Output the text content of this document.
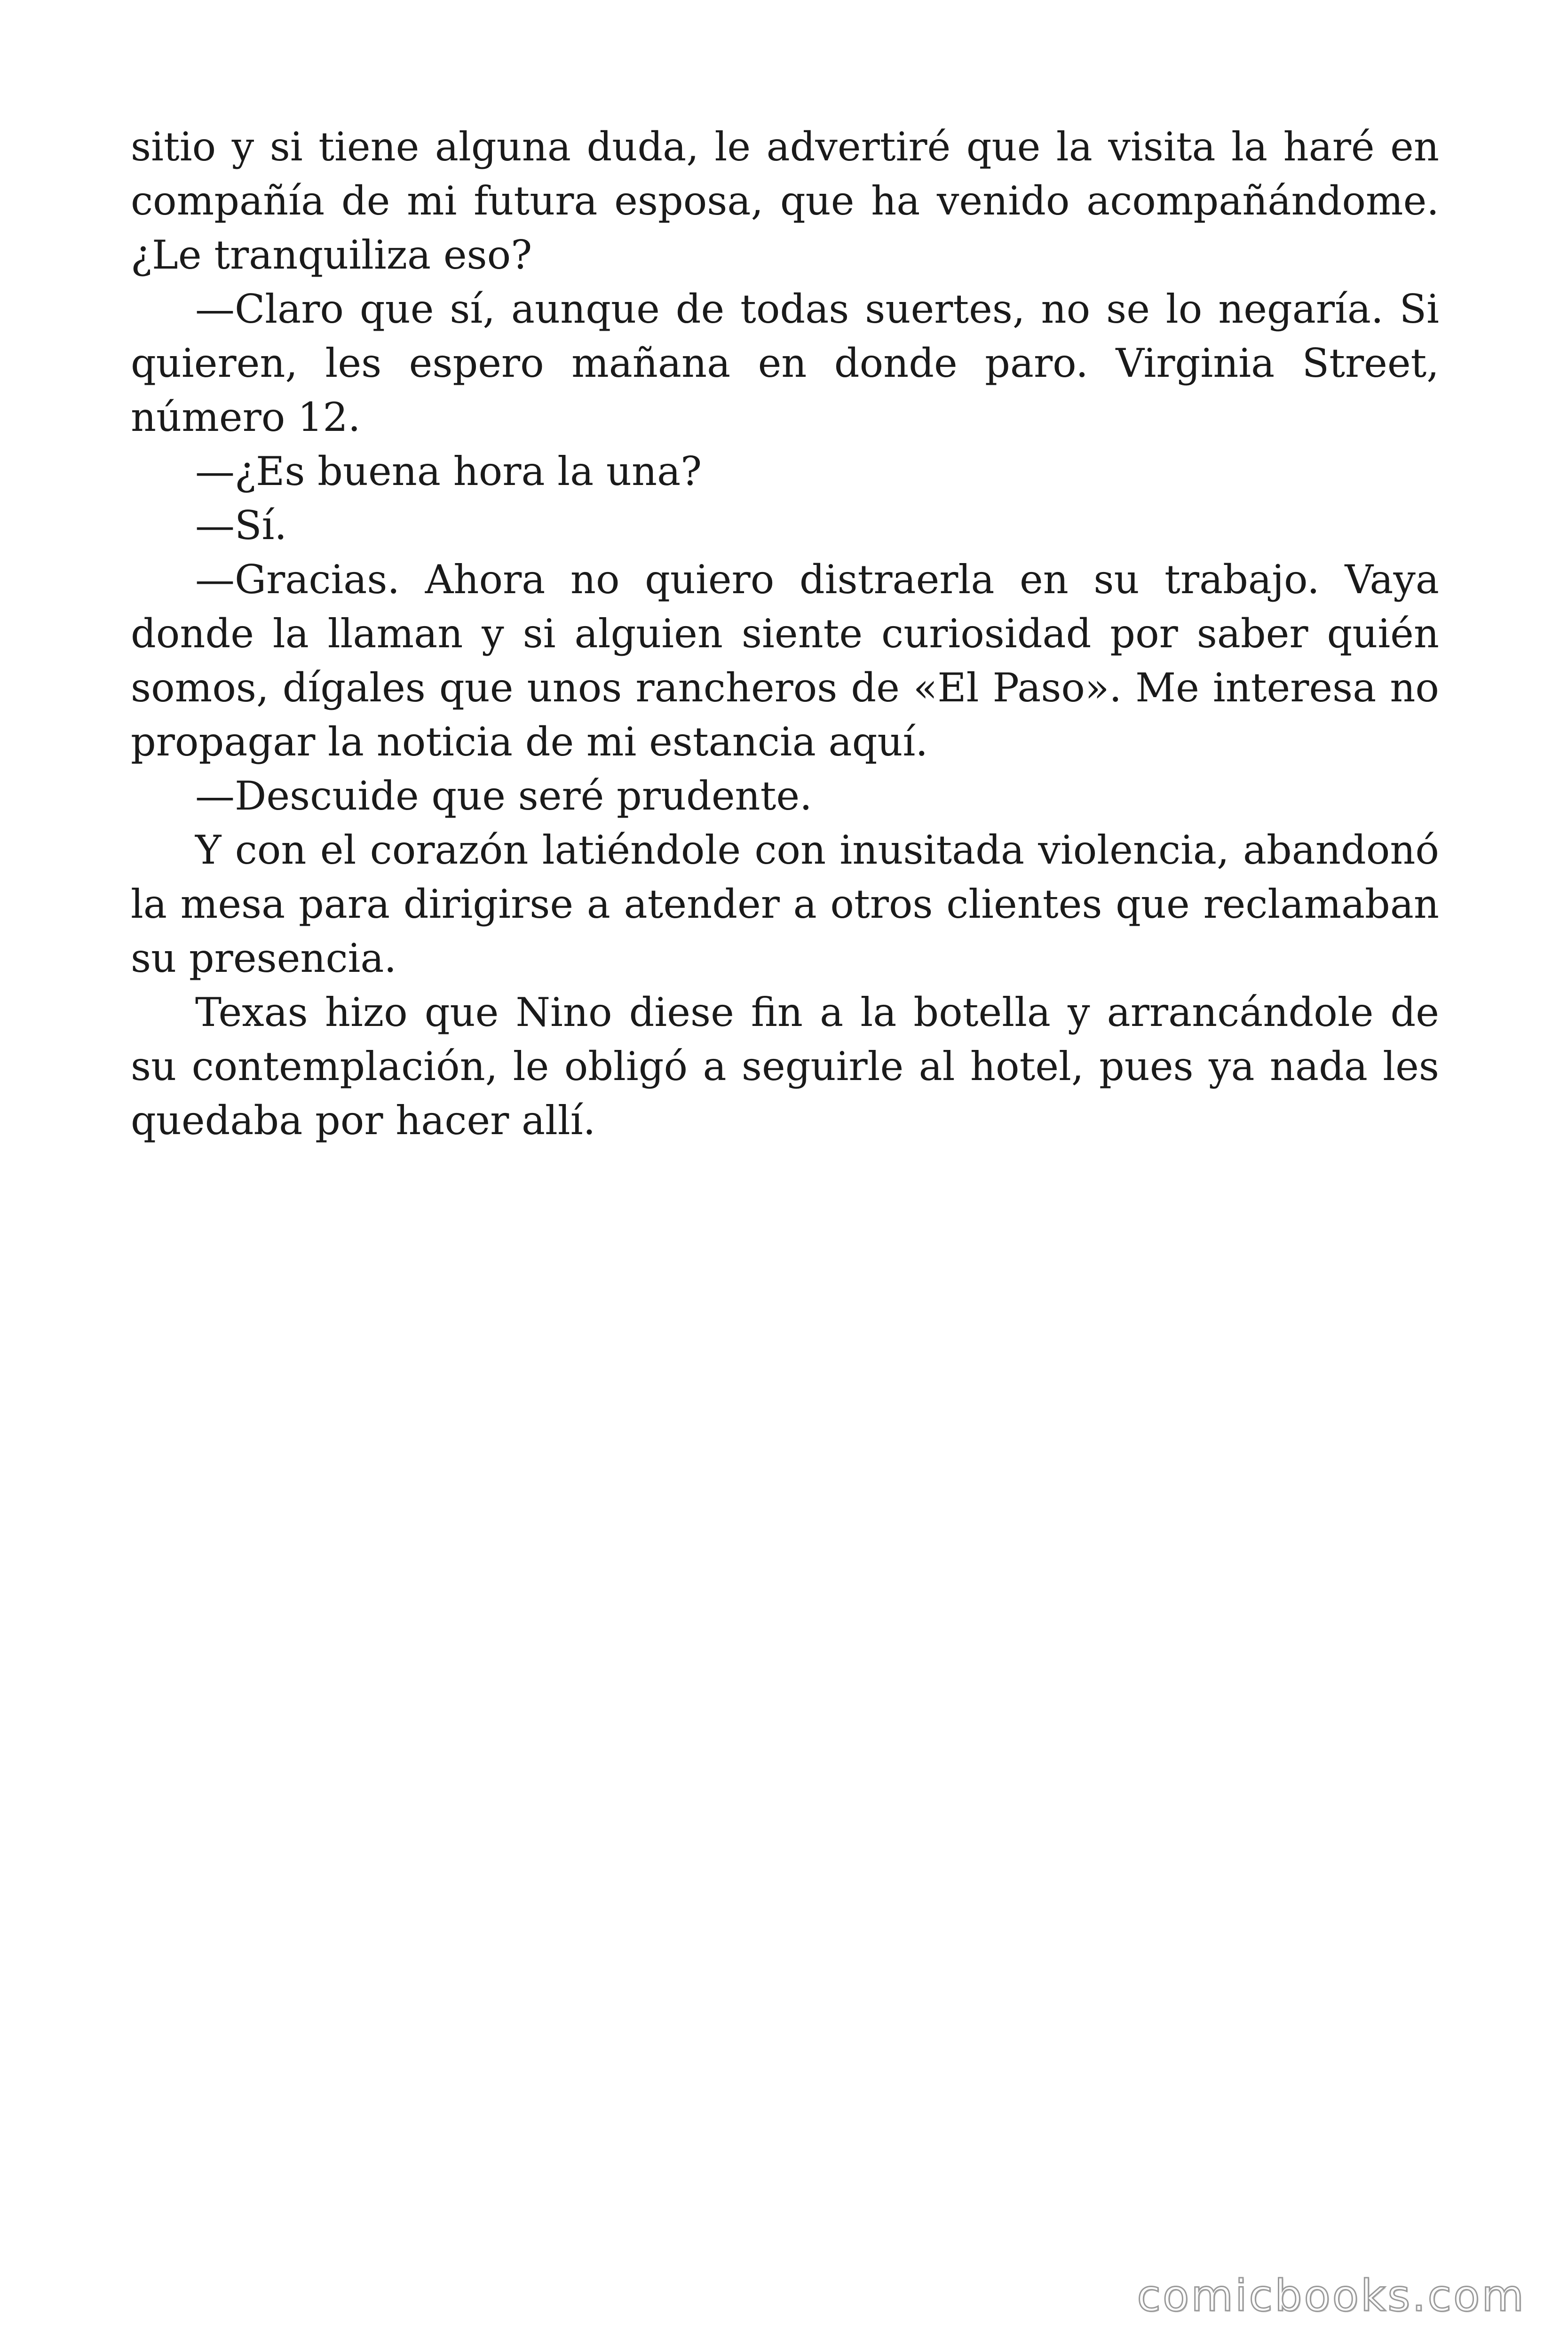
sitio y si tiene alguna duda, le advertiré que la visita la haré en compañía de mi futura esposa, que ha venido acompañándome. ¿Le tranquiliza eso?

—Claro que sí, aunque de todas suertes, no se lo negaría. Si quieren, les espero mañana en donde paro. Virginia Street, número 12.

—¿Es buena hora la una?

—Sí.

—Gracias. Ahora no quiero distraerla en su trabajo. Vaya donde la llaman y si alguien siente curiosidad por saber quién somos, dígales que unos rancheros de «El Paso». Me interesa no propagar la noticia de mi estancia aquí.

—Descuide que seré prudente.

Y con el corazón latiéndole con inusitada violencia, abandonó la mesa para dirigirse a atender a otros clientes que reclamaban su presencia.

Texas hizo que Nino diese fin a la botella y arrancándole de su contemplación, le obligó a seguirle al hotel, pues ya nada les quedaba por hacer allí.

comicbooks.com
